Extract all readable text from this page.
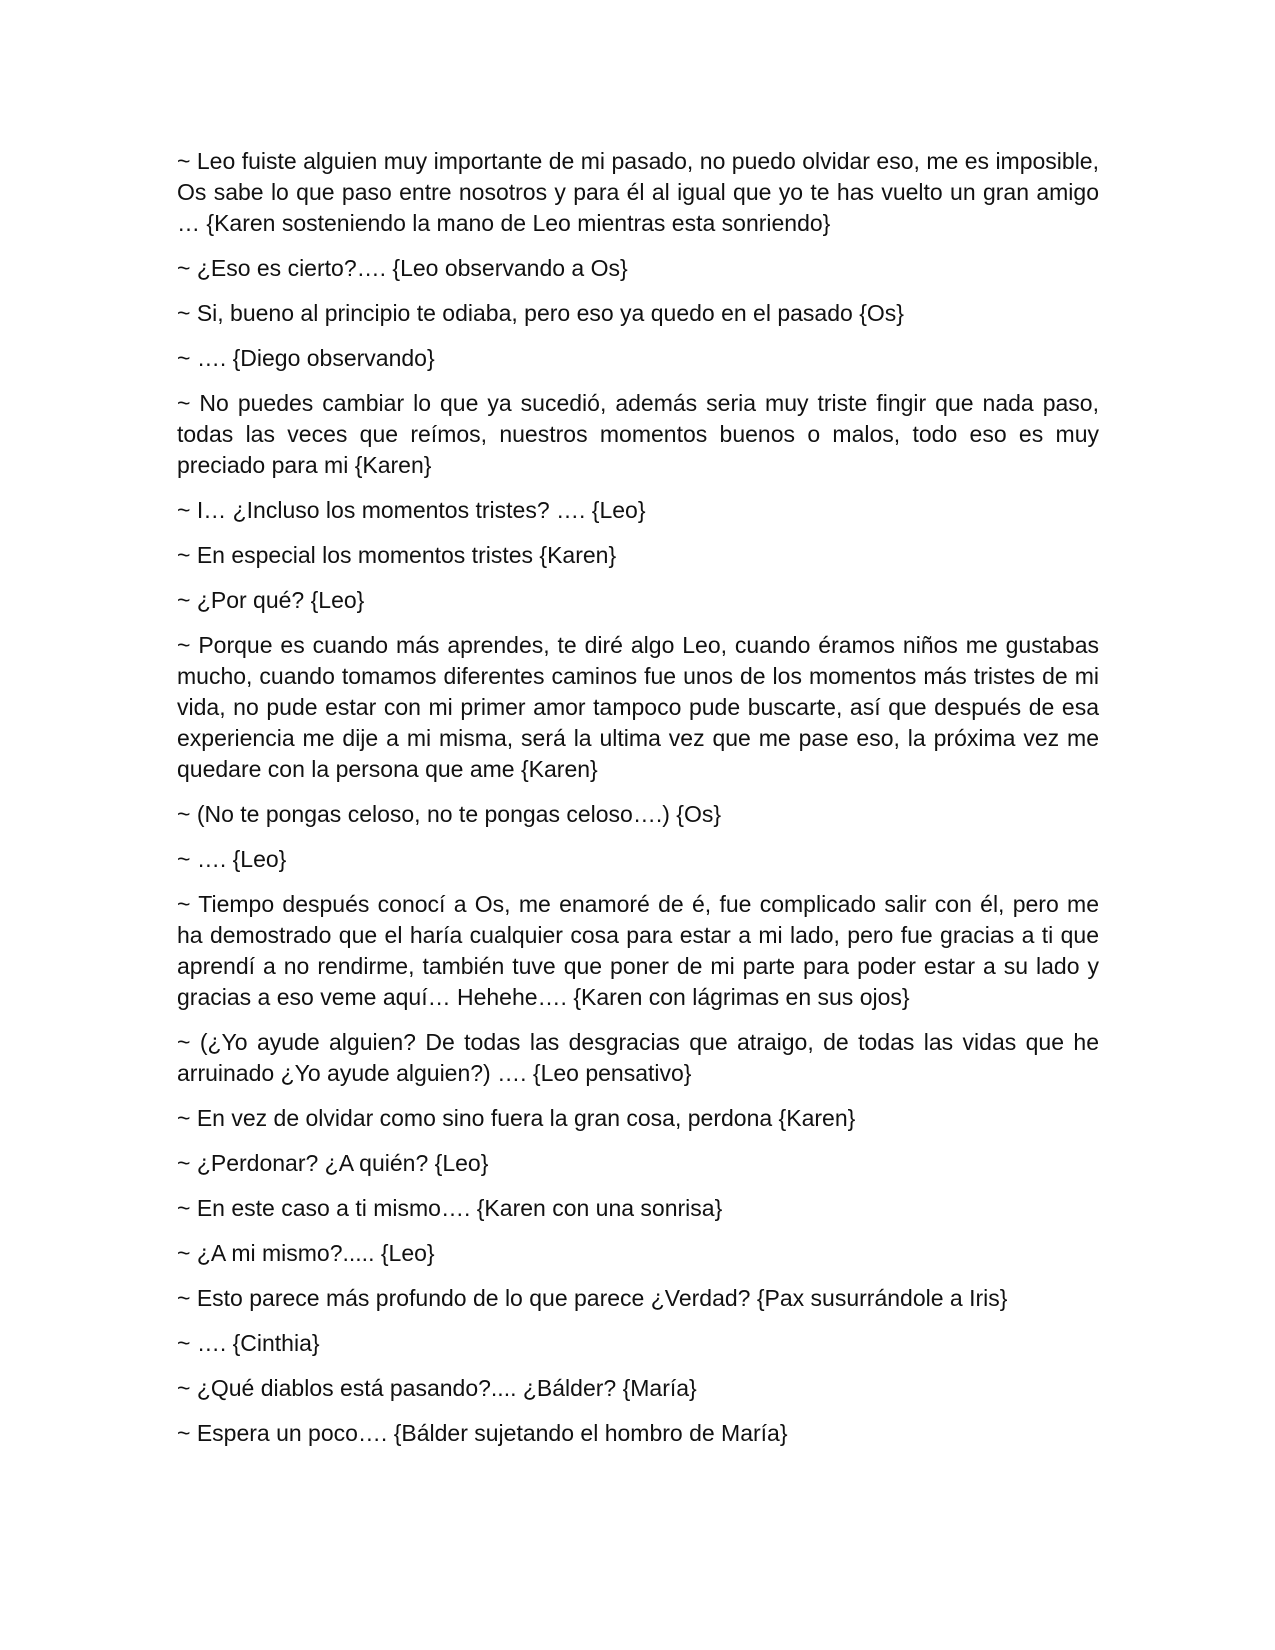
~ Leo fuiste alguien muy importante de mi pasado, no puedo olvidar eso, me es imposible, Os sabe lo que paso entre nosotros y para él al igual que yo te has vuelto un gran amigo … {Karen sosteniendo la mano de Leo mientras esta sonriendo}

~ ¿Eso es cierto?…. {Leo observando a Os}

~ Si, bueno al principio te odiaba, pero eso ya quedo en el pasado {Os}

~ …. {Diego observando}

~ No puedes cambiar lo que ya sucedió, además seria muy triste fingir que nada paso, todas las veces que reímos, nuestros momentos buenos o malos, todo eso es muy preciado para mi {Karen}

~ I… ¿Incluso los momentos tristes? …. {Leo}

~ En especial los momentos tristes {Karen}

~ ¿Por qué? {Leo}

~ Porque es cuando más aprendes, te diré algo Leo, cuando éramos niños me gustabas mucho, cuando tomamos diferentes caminos fue unos de los momentos más tristes de mi vida, no pude estar con mi primer amor tampoco pude buscarte, así que después de esa experiencia me dije a mi misma, será la ultima vez que me pase eso, la próxima vez me quedare con la persona que ame {Karen}

~ (No te pongas celoso, no te pongas celoso….) {Os}

~ …. {Leo}

~ Tiempo después conocí a Os, me enamoré de é, fue complicado salir con él, pero me ha demostrado que el haría cualquier cosa para estar a mi lado, pero fue gracias a ti que aprendí a no rendirme, también tuve que poner de mi parte para poder estar a su lado y gracias a eso veme aquí… Hehehe…. {Karen con lágrimas en sus ojos}

~ (¿Yo ayude alguien? De todas las desgracias que atraigo, de todas las vidas que he arruinado ¿Yo ayude alguien?) …. {Leo pensativo}

~ En vez de olvidar como sino fuera la gran cosa, perdona {Karen}

~ ¿Perdonar? ¿A quién? {Leo}

~ En este caso a ti mismo…. {Karen con una sonrisa}

~ ¿A mi mismo?..... {Leo}

~ Esto parece más profundo de lo que parece ¿Verdad? {Pax susurrándole a Iris}

~ …. {Cinthia}

~ ¿Qué diablos está pasando?.... ¿Bálder? {María}

~ Espera un poco…. {Bálder sujetando el hombro de María}
